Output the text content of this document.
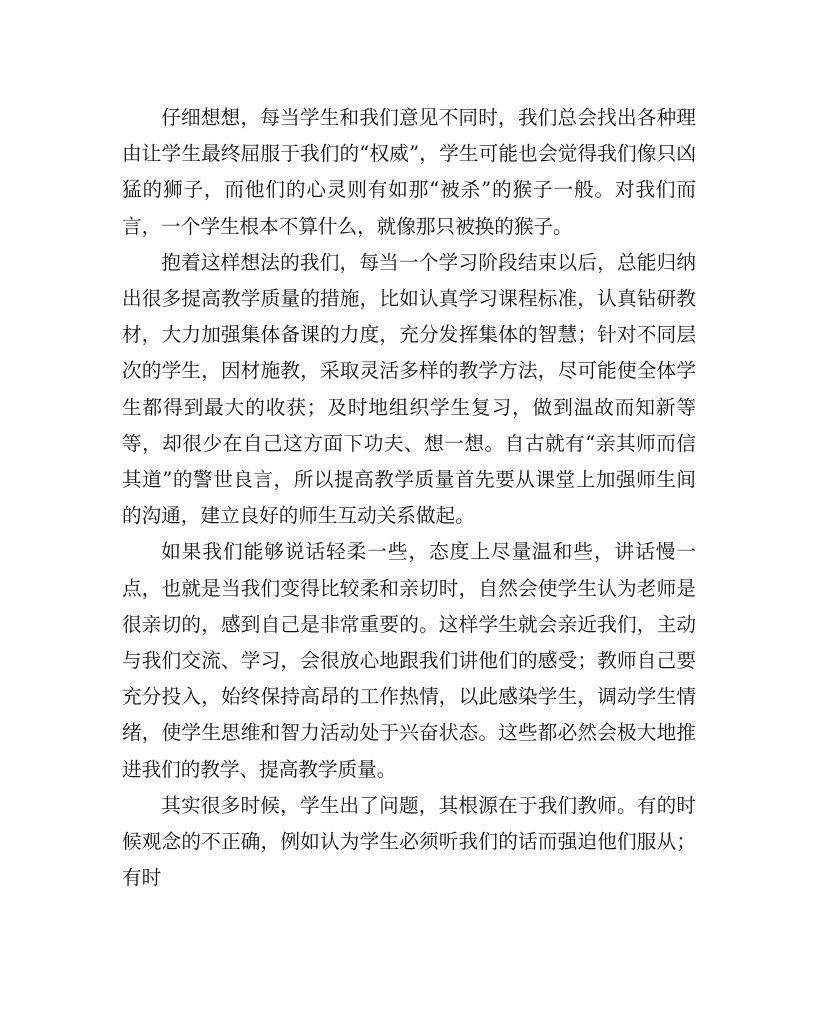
仔细想想，每当学生和我们意见不同时，我们总会找出各种理由让学生最终屈服于我们的“权威”，学生可能也会觉得我们像只凶猛的狮子，而他们的心灵则有如那“被杀”的猴子一般。对我们而言，一个学生根本不算什么，就像那只被换的猴子。

抱着这样想法的我们，每当一个学习阶段结束以后，总能归纳出很多提高教学质量的措施，比如认真学习课程标准，认真钻研教材，大力加强集体备课的力度，充分发挥集体的智慧；针对不同层次的学生，因材施教，采取灵活多样的教学方法，尽可能使全体学生都得到最大的收获；及时地组织学生复习，做到温故而知新等等，却很少在自己这方面下功夫、想一想。自古就有“亲其师而信其道”的警世良言，所以提高教学质量首先要从课堂上加强师生间的沟通，建立良好的师生互动关系做起。

如果我们能够说话轻柔一些，态度上尽量温和些，讲话慢一点，也就是当我们变得比较柔和亲切时，自然会使学生认为老师是很亲切的，感到自己是非常重要的。这样学生就会亲近我们，主动与我们交流、学习，会很放心地跟我们讲他们的感受；教师自己要充分投入，始终保持高昂的工作热情，以此感染学生，调动学生情绪，使学生思维和智力活动处于兴奋状态。这些都必然会极大地推进我们的教学、提高教学质量。

其实很多时候，学生出了问题，其根源在于我们教师。有的时候观念的不正确，例如认为学生必须听我们的话而强迫他们服从；有时
